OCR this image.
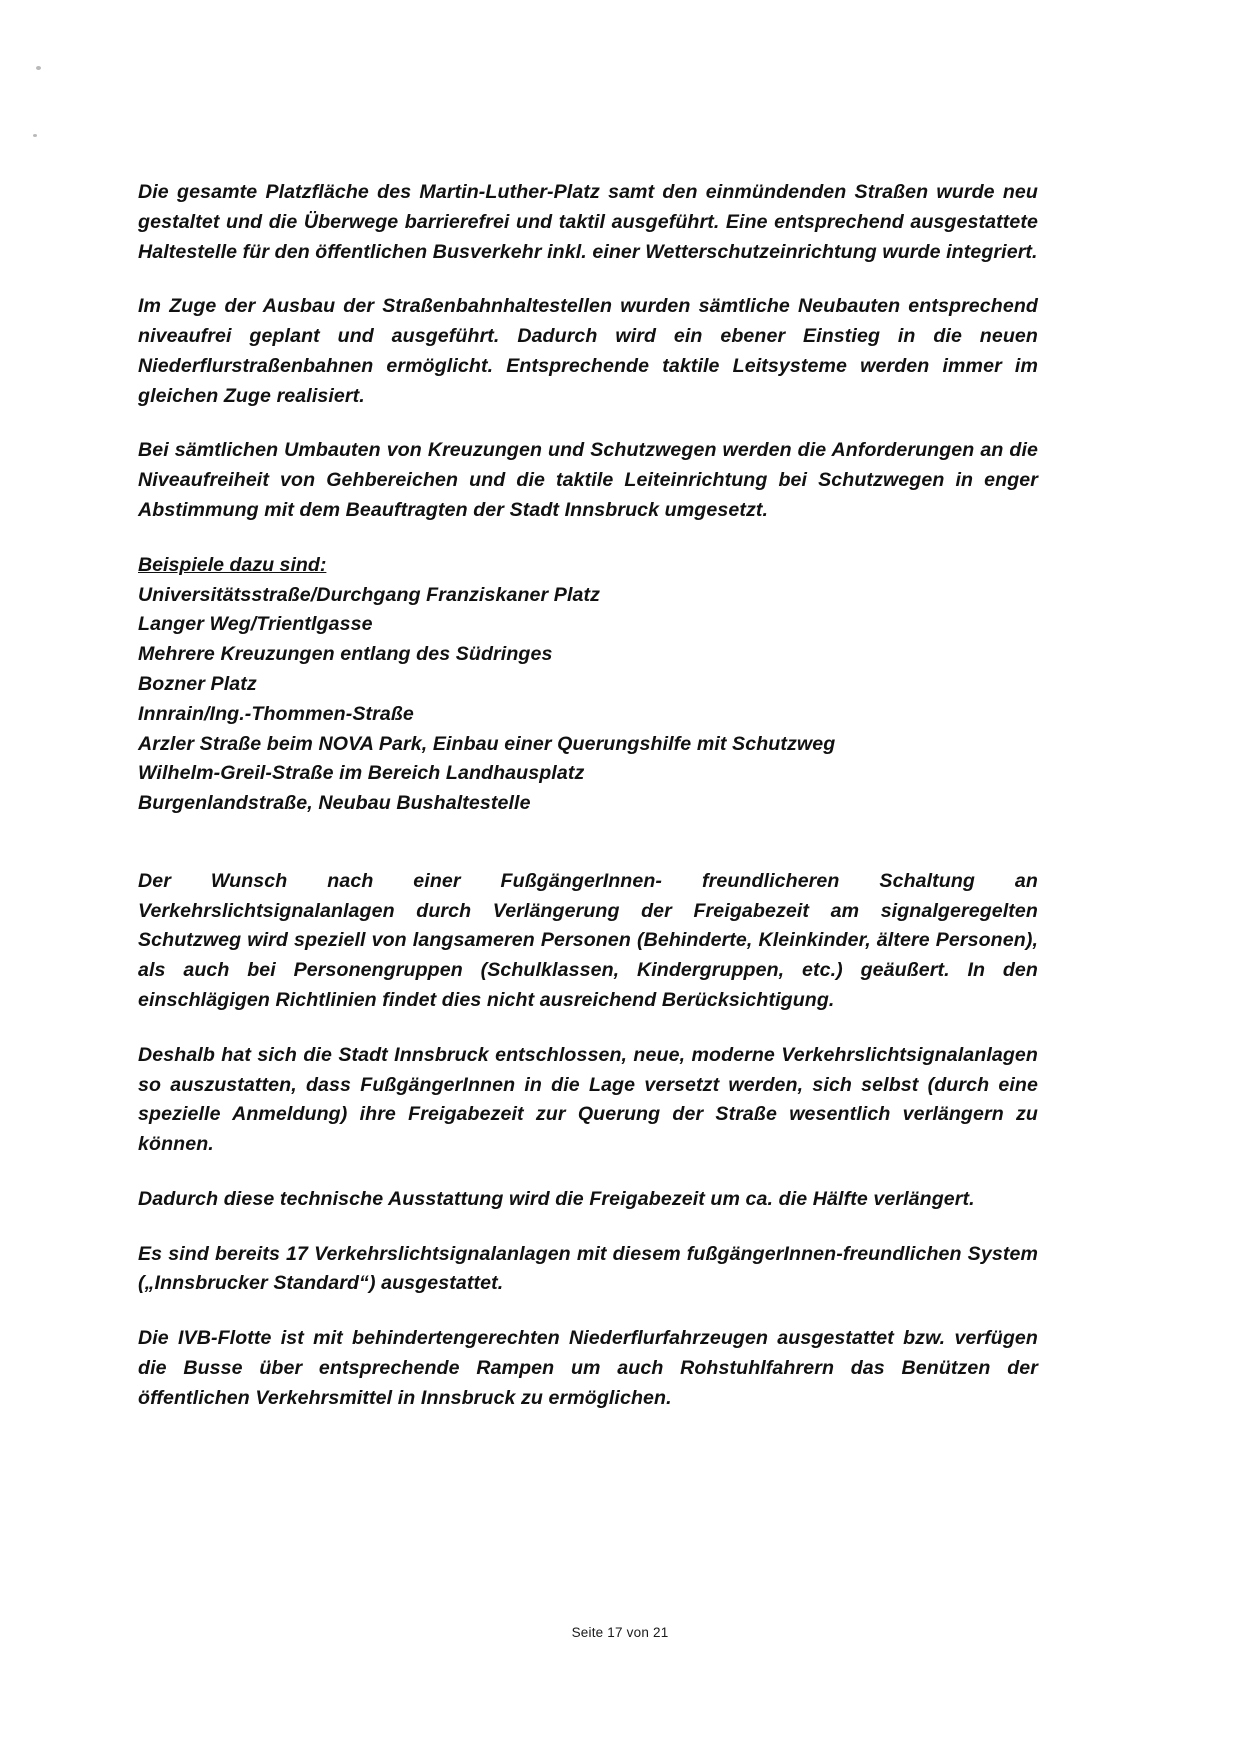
Die gesamte Platzfläche des Martin-Luther-Platz samt den einmündenden Straßen wurde neu gestaltet und die Überwege barrierefrei und taktil ausgeführt. Eine entsprechend ausgestattete Haltestelle für den öffentlichen Busverkehr inkl. einer Wetterschutzeinrichtung wurde integriert.

Im Zuge der Ausbau der Straßenbahnhaltestellen wurden sämtliche Neubauten entsprechend niveaufrei geplant und ausgeführt. Dadurch wird ein ebener Einstieg in die neuen Niederflurstraßenbahnen ermöglicht. Entsprechende taktile Leitsysteme werden immer im gleichen Zuge realisiert.

Bei sämtlichen Umbauten von Kreuzungen und Schutzwegen werden die Anforderungen an die Niveaufreiheit von Gehbereichen und die taktile Leiteinrichtung bei Schutzwegen in enger Abstimmung mit dem Beauftragten der Stadt Innsbruck umgesetzt.

Beispiele dazu sind:

Universitätsstraße/Durchgang Franziskaner Platz
Langer Weg/Trientlgasse
Mehrere Kreuzungen entlang des Südringes
Bozner Platz
Innrain/Ing.-Thommen-Straße
Arzler Straße beim NOVA Park, Einbau einer Querungshilfe mit Schutzweg
Wilhelm-Greil-Straße im Bereich Landhausplatz
Burgenlandstraße, Neubau Bushaltestelle

Der Wunsch nach einer FußgängerInnen- freundlicheren Schaltung an Verkehrslichtsignalanlagen durch Verlängerung der Freigabezeit am signalgeregelten Schutzweg wird speziell von langsameren Personen (Behinderte, Kleinkinder, ältere Personen), als auch bei Personengruppen (Schulklassen, Kindergruppen, etc.) geäußert. In den einschlägigen Richtlinien findet dies nicht ausreichend Berücksichtigung.

Deshalb hat sich die Stadt Innsbruck entschlossen, neue, moderne Verkehrslichtsignalanlagen so auszustatten, dass FußgängerInnen in die Lage versetzt werden, sich selbst (durch eine spezielle Anmeldung) ihre Freigabezeit zur Querung der Straße wesentlich verlängern zu können.

Dadurch diese technische Ausstattung wird die Freigabezeit um ca. die Hälfte verlängert.

Es sind bereits 17 Verkehrslichtsignalanlagen mit diesem fußgängerInnen-freundlichen System („Innsbrucker Standard“) ausgestattet.

Die IVB-Flotte ist mit behindertengerechten Niederflurfahrzeugen ausgestattet bzw. verfügen die Busse über entsprechende Rampen um auch Rohstuhlfahrern das Benützen der öffentlichen Verkehrsmittel in Innsbruck zu ermöglichen.

Seite 17 von 21
